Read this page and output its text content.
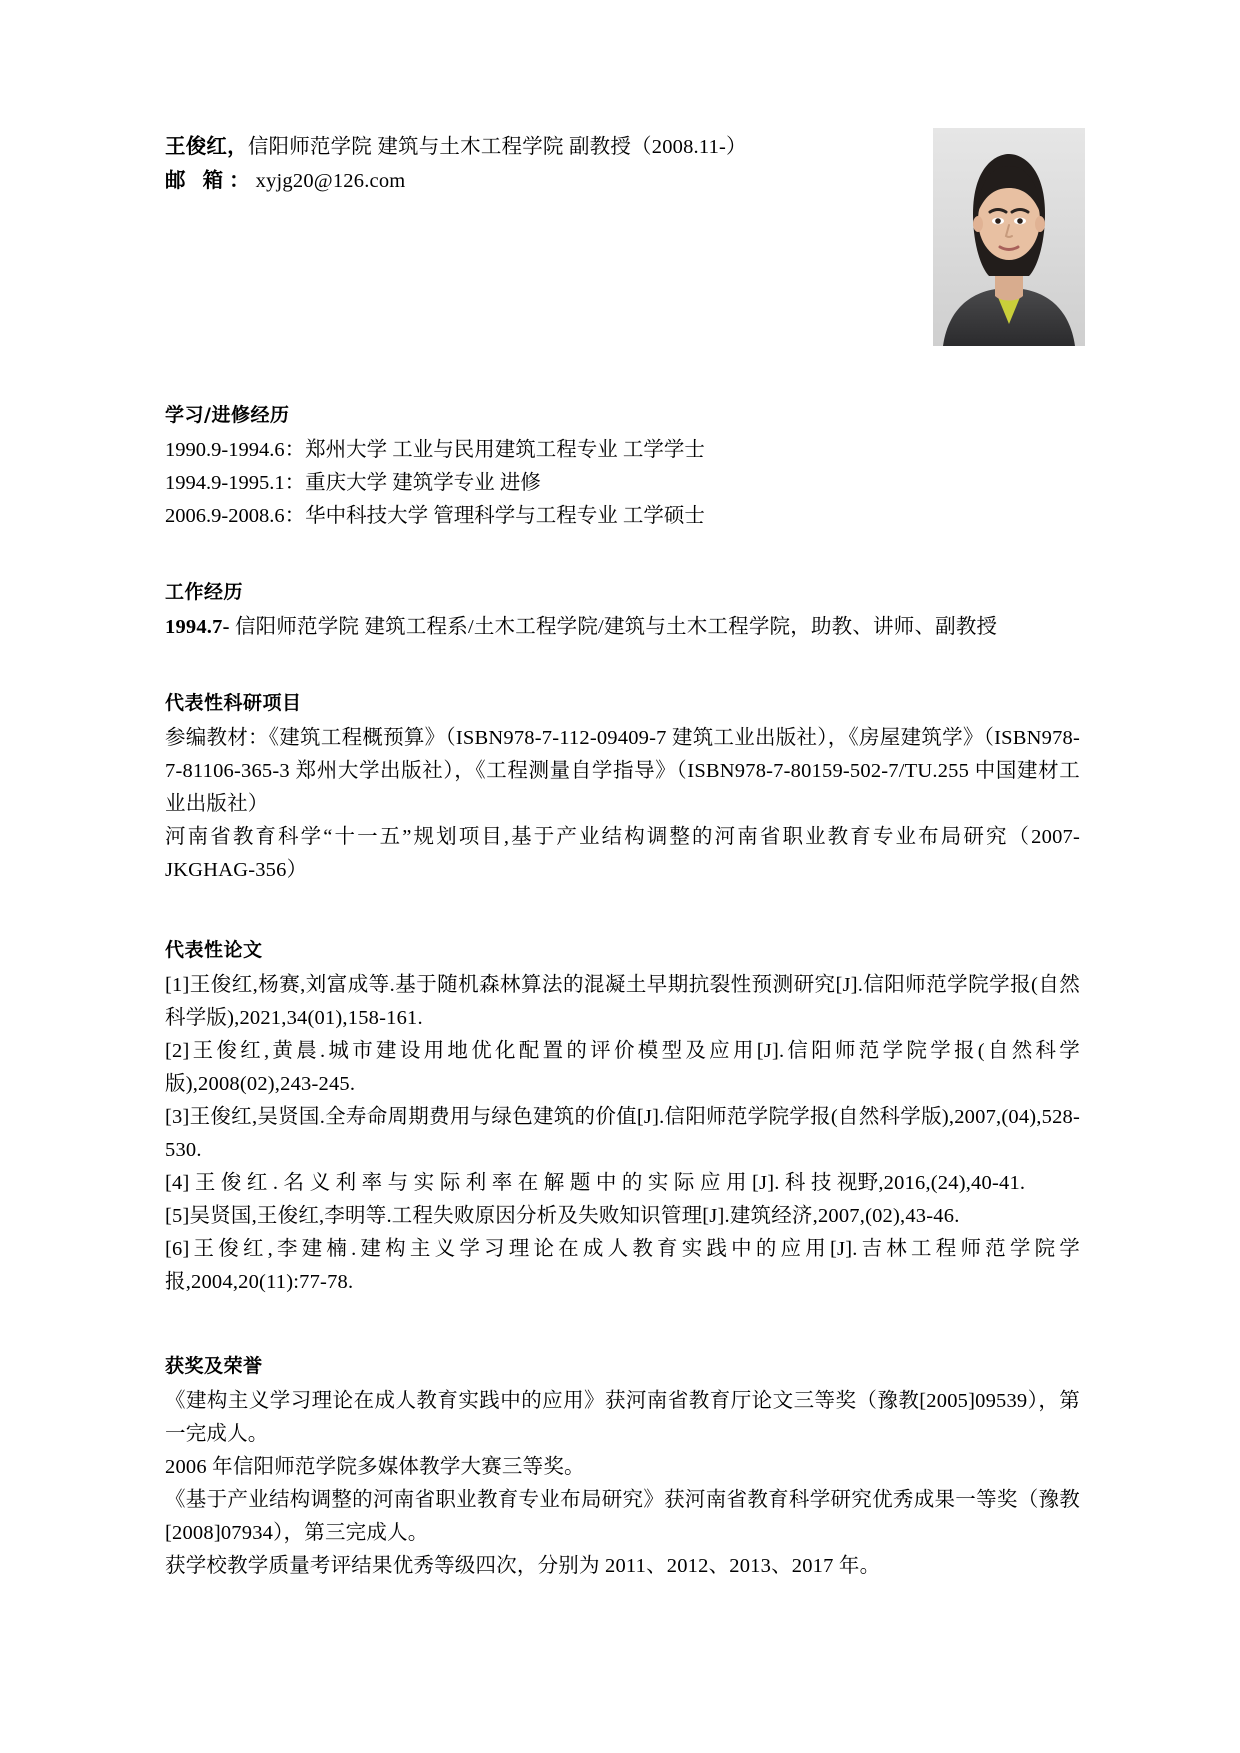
王俊红，信阳师范学院 建筑与土木工程学院 副教授（2008.11-）
邮 箱：xyjg20@126.com
学习/进修经历
1990.9-1994.6：郑州大学 工业与民用建筑工程专业 工学学士
1994.9-1995.1：重庆大学 建筑学专业 进修
2006.9-2008.6：华中科技大学 管理科学与工程专业 工学硕士
工作经历
1994.7- 信阳师范学院 建筑工程系/土木工程学院/建筑与土木工程学院，助教、讲师、副教授
代表性科研项目
参编教材：《建筑工程概预算》（ISBN978-7-112-09409-7 建筑工业出版社），《房屋建筑学》（ISBN978-7-81106-365-3 郑州大学出版社），《工程测量自学指导》（ISBN978-7-80159-502-7/TU.255 中国建材工业出版社）
河南省教育科学“十一五”规划项目,基于产业结构调整的河南省职业教育专业布局研究（2007-JKGHAG-356）
代表性论文
[1]王俊红,杨赛,刘富成等.基于随机森林算法的混凝土早期抗裂性预测研究[J].信阳师范学院学报(自然科学版),2021,34(01),158-161.
[2]王俊红,黄晨.城市建设用地优化配置的评价模型及应用[J].信阳师范学院学报(自然科学版),2008(02),243-245.
[3]王俊红,吴贤国.全寿命周期费用与绿色建筑的价值[J].信阳师范学院学报(自然科学版),2007,(04),528-530.
[4] 王 俊 红 . 名 义 利 率 与 实 际 利 率 在 解 题 中 的 实 际 应 用 [J]. 科 技 视野,2016,(24),40-41.
[5]吴贤国,王俊红,李明等.工程失败原因分析及失败知识管理[J].建筑经济,2007,(02),43-46.
[6]王俊红,李建楠.建构主义学习理论在成人教育实践中的应用[J].吉林工程师范学院学报,2004,20(11):77-78.
获奖及荣誉
《建构主义学习理论在成人教育实践中的应用》获河南省教育厅论文三等奖（豫教[2005]09539），第一完成人。
2006 年信阳师范学院多媒体教学大赛三等奖。
《基于产业结构调整的河南省职业教育专业布局研究》获河南省教育科学研究优秀成果一等奖（豫教[2008]07934），第三完成人。
获学校教学质量考评结果优秀等级四次，分别为 2011、2012、2013、2017 年。
